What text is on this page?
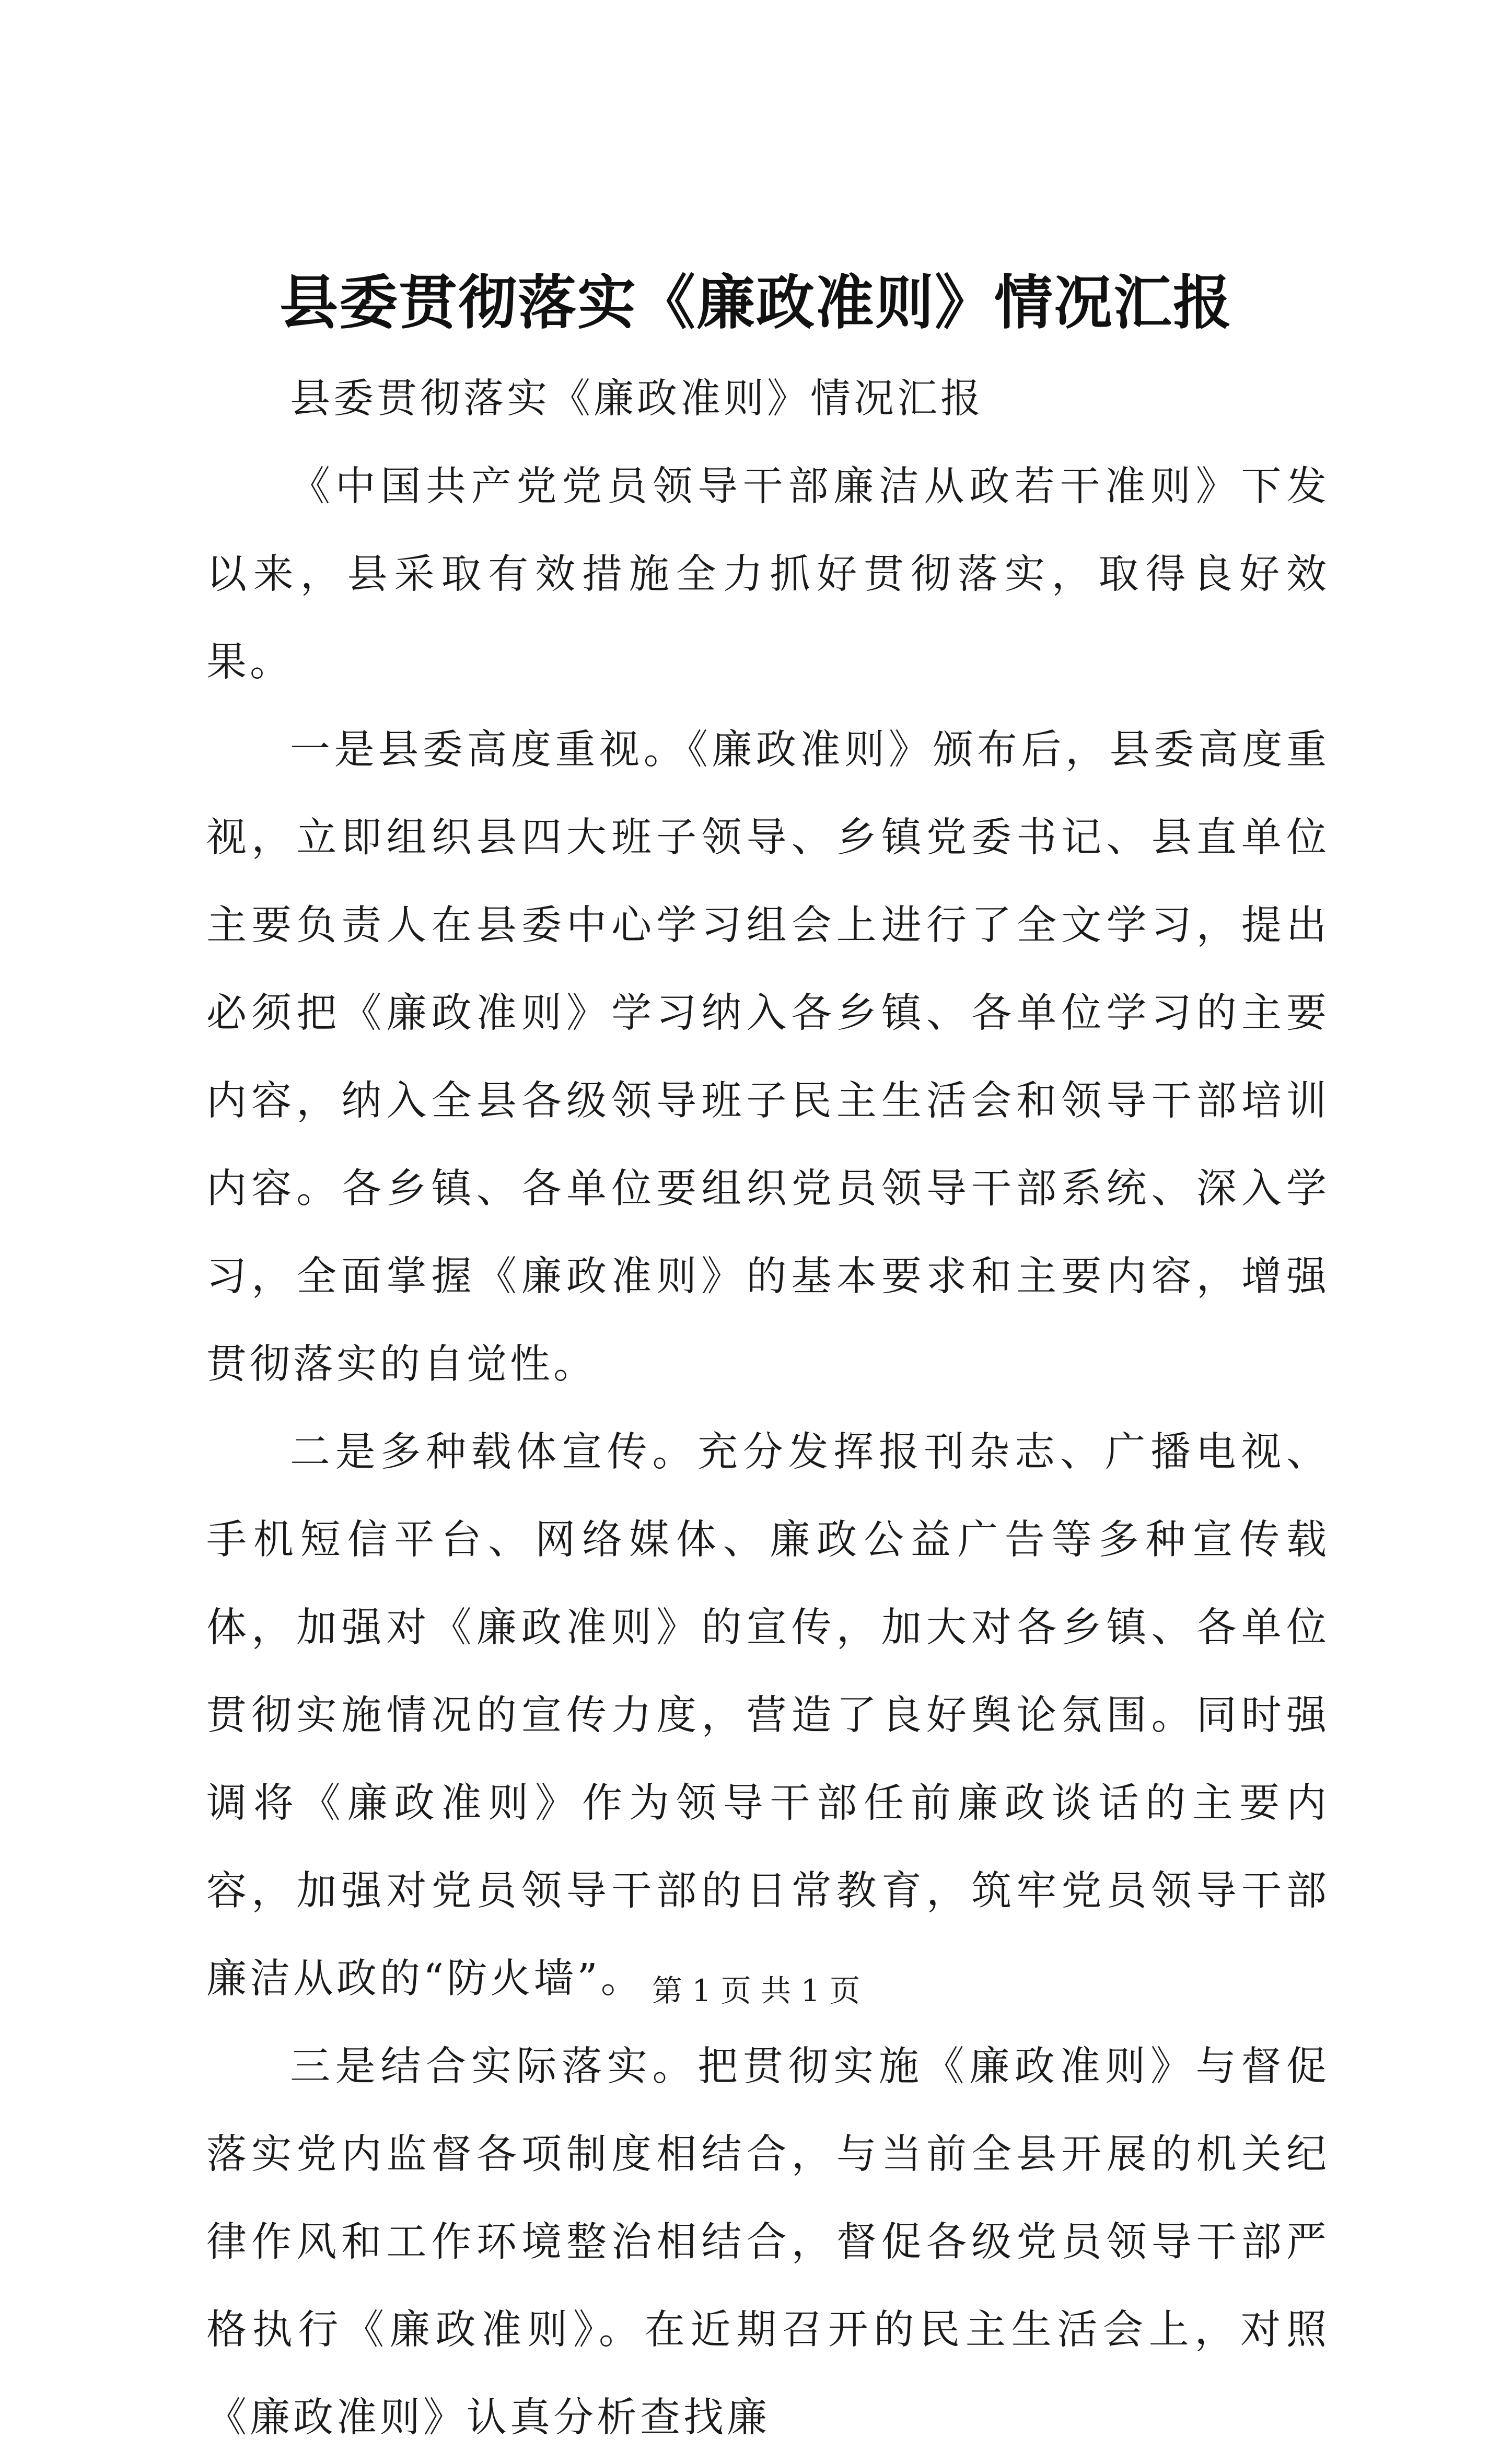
县委贯彻落实《廉政准则》情况汇报

县委贯彻落实《廉政准则》情况汇报

《中国共产党党员领导干部廉洁从政若干准则》下发以来，县采取有效措施全力抓好贯彻落实，取得良好效果。

一是县委高度重视。《廉政准则》颁布后，县委高度重视，立即组织县四大班子领导、乡镇党委书记、县直单位主要负责人在县委中心学习组会上进行了全文学习，提出必须把《廉政准则》学习纳入各乡镇、各单位学习的主要内容，纳入全县各级领导班子民主生活会和领导干部培训内容。各乡镇、各单位要组织党员领导干部系统、深入学习，全面掌握《廉政准则》的基本要求和主要内容，增强贯彻落实的自觉性。

二是多种载体宣传。充分发挥报刊杂志、广播电视、手机短信平台、网络媒体、廉政公益广告等多种宣传载体，加强对《廉政准则》的宣传，加大对各乡镇、各单位贯彻实施情况的宣传力度，营造了良好舆论氛围。同时强调将《廉政准则》作为领导干部任前廉政谈话的主要内容，加强对党员领导干部的日常教育，筑牢党员领导干部廉洁从政的“防火墙”。

三是结合实际落实。把贯彻实施《廉政准则》与督促落实党内监督各项制度相结合，与当前全县开展的机关纪律作风和工作环境整治相结合，督促各级党员领导干部严格执行《廉政准则》。在近期召开的民主生活会上，对照《廉政准则》认真分析查找廉

第 1 页 共 1 页
